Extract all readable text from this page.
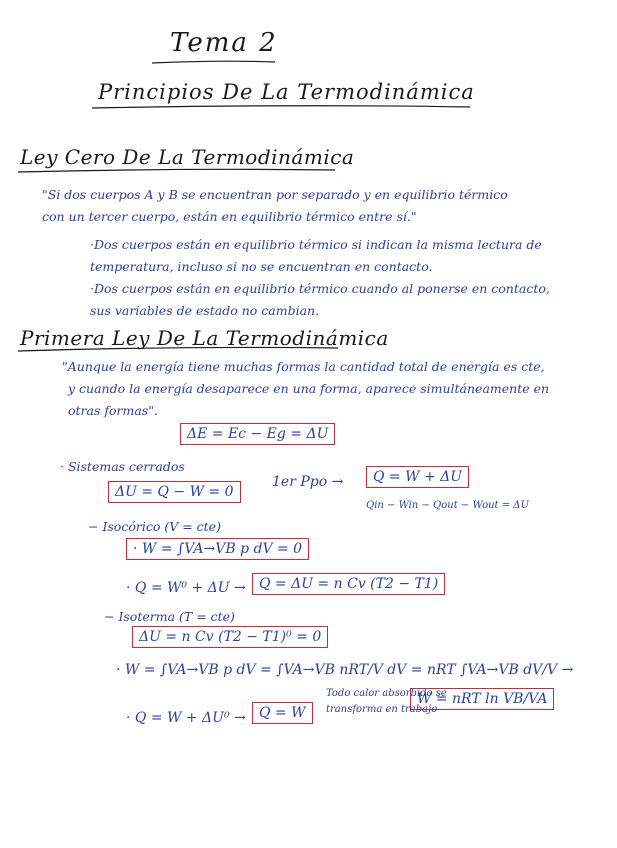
Tema 2
Principios De La Termodinámica
Ley Cero De La Termodinámica
"Si dos cuerpos A y B se encuentran por separado y en equilibrio térmico
con un tercer cuerpo, están en equilibrio térmico entre sí."
·Dos cuerpos están en equilibrio térmico si indican la misma lectura de
temperatura, incluso si no se encuentran en contacto.
·Dos cuerpos están en equilibrio térmico cuando al ponerse en contacto,
sus variables de estado no cambian.
Primera Ley De La Termodinámica
"Aunque la energía tiene muchas formas la cantidad total de energía es cte,
y cuando la energía desaparece en una forma, aparece simultáneamente en
otras formas".
ΔE = Ec − Eg = ΔU
· Sistemas cerrados
ΔU = Q − W = 0
1er Ppo →	Q = W + ΔU
Qin − Win − Qout − Wout = ΔU
− Isocórico (V = cte)
· W = ∫VA→VB p dV = 0
· Q = W⁰ + ΔU → Q = ΔU = n Cv (T2 − T1)
− Isoterma (T = cte)
ΔU = n Cv (T2 − T1)⁰ = 0
· W = ∫VA→VB p dV = ∫VA→VB nRT/V dV = nRT ∫VA→VB dV/V →
W = nRT ln VB/VA
· Q = W + ΔU⁰ → Q = W
Todo calor absorbido se
transforma en trabajo
